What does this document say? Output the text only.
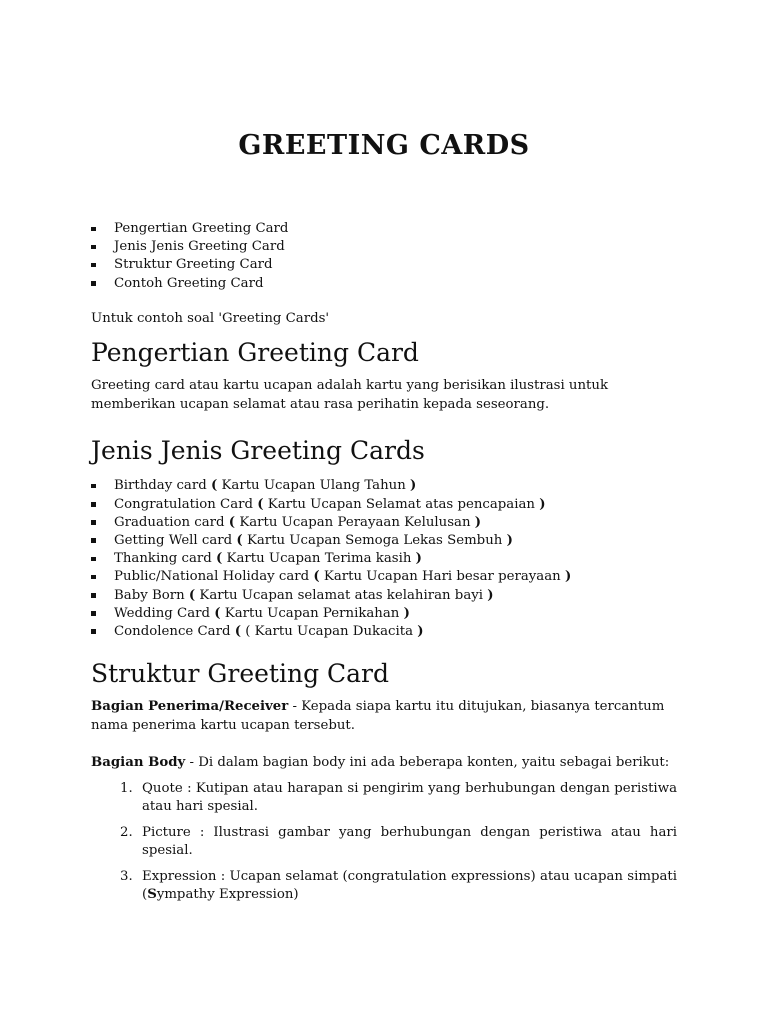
GREETING CARDS
Pengertian Greeting Card
Jenis Jenis Greeting Card
Struktur Greeting Card
Contoh Greeting Card

Untuk contoh soal 'Greeting Cards'

Pengertian Greeting Card

Greeting card atau kartu ucapan adalah kartu yang berisikan ilustrasi untuk memberikan ucapan selamat atau rasa perihatin kepada seseorang.

Jenis Jenis Greeting Cards
Birthday card ( Kartu Ucapan Ulang Tahun )
Congratulation Card ( Kartu Ucapan Selamat atas pencapaian )
Graduation card ( Kartu Ucapan Perayaan Kelulusan )
Getting Well card ( Kartu Ucapan Semoga Lekas Sembuh )
Thanking card ( Kartu Ucapan Terima kasih )
Public/National Holiday card ( Kartu Ucapan Hari besar perayaan )
Baby Born ( Kartu Ucapan selamat atas kelahiran bayi )
Wedding Card ( Kartu Ucapan Pernikahan )
Condolence Card ( ( Kartu Ucapan Dukacita )
Struktur Greeting Card

Bagian Penerima/Receiver - Kepada siapa kartu itu ditujukan, biasanya tercantum nama penerima kartu ucapan tersebut.

Bagian Body - Di dalam bagian body ini ada beberapa konten, yaitu sebagai berikut:

1. Quote : Kutipan atau harapan si pengirim yang berhubungan dengan peristiwa atau hari spesial.
2. Picture : Ilustrasi gambar yang berhubungan dengan peristiwa atau hari spesial.
3. Expression : Ucapan selamat (congratulation expressions) atau ucapan simpati (Sympathy Expression)
